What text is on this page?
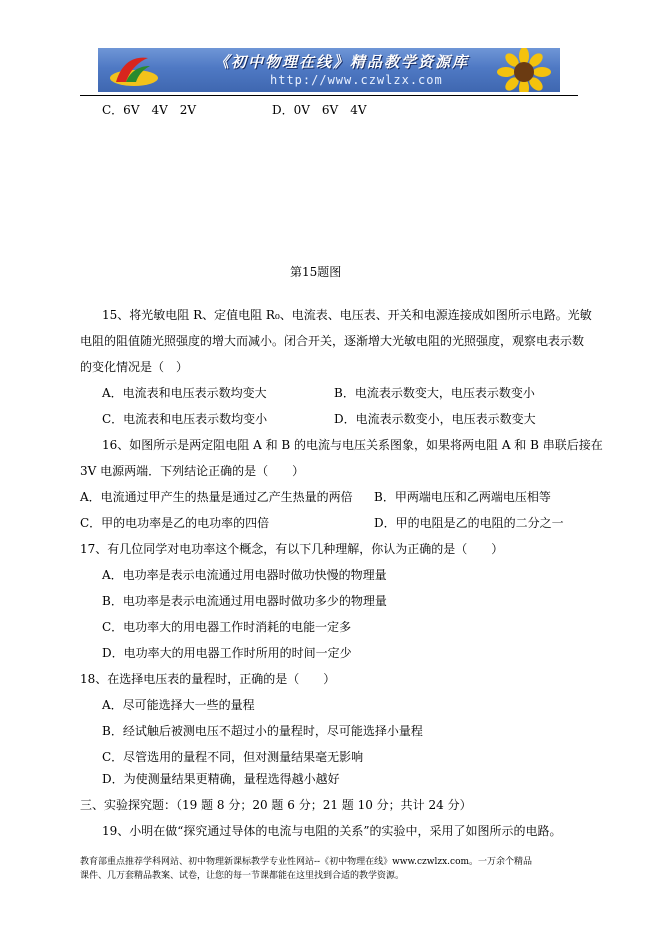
《初中物理在线》精品教学资源库
http://www.czwlzx.com
C．6V　4V　2V	D．0V　6V　4V
第15题图
15、将光敏电阻 R、定值电阻 R₀、电流表、电压表、开关和电源连接成如图所示电路。光敏
电阻的阻值随光照强度的增大而减小。闭合开关，逐渐增大光敏电阻的光照强度，观察电表示数
的变化情况是（　）
A．电流表和电压表示数均变大	B．电流表示数变大，电压表示数变小
C．电流表和电压表示数均变小	D．电流表示数变小，电压表示数变大
16、如图所示是两定阻电阻 A 和 B 的电流与电压关系图象，如果将两电阻 A 和 B 串联后接在
3V 电源两端．下列结论正确的是（　　）
A．电流通过甲产生的热量是通过乙产生热量的两倍 B．甲两端电压和乙两端电压相等
C．甲的电功率是乙的电功率的四倍	D．甲的电阻是乙的电阻的二分之一
17、有几位同学对电功率这个概念，有以下几种理解，你认为正确的是（　　）
A．电功率是表示电流通过用电器时做功快慢的物理量
B．电功率是表示电流通过用电器时做功多少的物理量
C．电功率大的用电器工作时消耗的电能一定多
D．电功率大的用电器工作时所用的时间一定少
18、在选择电压表的量程时，正确的是（　　）
A．尽可能选择大一些的量程
B．经试触后被测电压不超过小的量程时，尽可能选择小量程
C．尽管选用的量程不同，但对测量结果毫无影响
D．为使测量结果更精确，量程选得越小越好
三、实验探究题：（19 题 8 分；20 题 6 分；21 题 10 分；共计 24 分）
19、小明在做“探究通过导体的电流与电阻的关系”的实验中，采用了如图所示的电路。
教育部重点推荐学科网站、初中物理新课标教学专业性网站--《初中物理在线》www.czwlzx.com。一万余个精品
课件、几万套精品教案、试卷，让您的每一节课都能在这里找到合适的教学资源。
